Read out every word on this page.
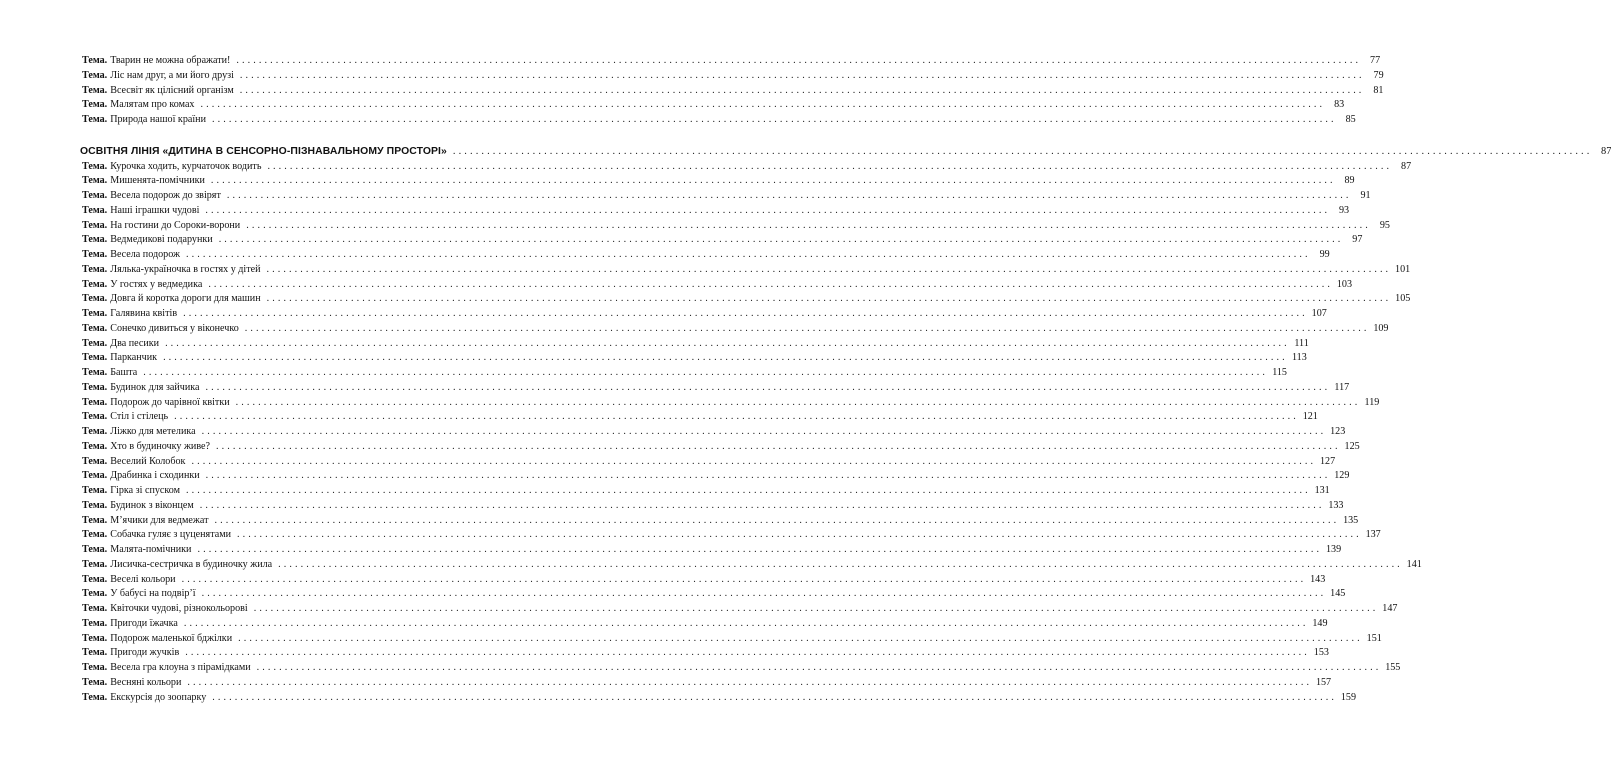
Тема. Тварин не можна ображати! ........................................................................................................................................................................................................ 77
Тема. Ліс нам друг, а ми його друзі ........................................................................................................................................................................................................ 79
Тема. Всесвіт як цілісний організм ........................................................................................................................................................................................................ 81
Тема. Малятам про комах ........................................................................................................................................................................................................ 83
Тема. Природа нашої країни ........................................................................................................................................................................................................ 85
ОСВІТНЯ ЛІНІЯ «ДИТИНА В СЕНСОРНО-ПІЗНАВАЛЬНОМУ ПРОСТОРІ» ........................................................................................................................................................................................................ 87
Тема. Курочка ходить, курчаточок водить ........................................................................................................................................................................................................ 87
Тема. Мишенята-помічники ........................................................................................................................................................................................................ 89
Тема. Весела подорож до звірят ........................................................................................................................................................................................................ 91
Тема. Наші іграшки чудові ........................................................................................................................................................................................................ 93
Тема. На гостини до Сороки-ворони ........................................................................................................................................................................................................ 95
Тема. Ведмедикові подарунки ........................................................................................................................................................................................................ 97
Тема. Весела подорож ........................................................................................................................................................................................................ 99
Тема. Лялька-україночка в гостях у дітей ........................................................................................................................................................................................................ 101
Тема. У гостях у ведмедика ........................................................................................................................................................................................................ 103
Тема. Довга й коротка дороги для машин ........................................................................................................................................................................................................ 105
Тема. Галявина квітів ........................................................................................................................................................................................................ 107
Тема. Сонечко дивиться у віконечко ........................................................................................................................................................................................................ 109
Тема. Два песики ........................................................................................................................................................................................................ 111
Тема. Парканчик ........................................................................................................................................................................................................ 113
Тема. Башта ........................................................................................................................................................................................................ 115
Тема. Будинок для зайчика ........................................................................................................................................................................................................ 117
Тема. Подорож до чарівної квітки ........................................................................................................................................................................................................ 119
Тема. Стіл і стілець ........................................................................................................................................................................................................ 121
Тема. Ліжко для метелика ........................................................................................................................................................................................................ 123
Тема. Хто в будиночку живе? ........................................................................................................................................................................................................ 125
Тема. Веселий Колобок ........................................................................................................................................................................................................ 127
Тема. Драбинка і сходинки ........................................................................................................................................................................................................ 129
Тема. Гірка зі спуском ........................................................................................................................................................................................................ 131
Тема. Будинок з віконцем ........................................................................................................................................................................................................ 133
Тема. М’ячики для ведмежат ........................................................................................................................................................................................................ 135
Тема. Собачка гуляє з цуценятами ........................................................................................................................................................................................................ 137
Тема. Малята-помічники ........................................................................................................................................................................................................ 139
Тема. Лисичка-сестричка в будиночку жила ........................................................................................................................................................................................................ 141
Тема. Веселі кольори ........................................................................................................................................................................................................ 143
Тема. У бабусі на подвір’ї ........................................................................................................................................................................................................ 145
Тема. Квіточки чудові, різнокольорові ........................................................................................................................................................................................................ 147
Тема. Пригоди їжачка ........................................................................................................................................................................................................ 149
Тема. Подорож маленької бджілки ........................................................................................................................................................................................................ 151
Тема. Пригоди жучків ........................................................................................................................................................................................................ 153
Тема. Весела гра клоуна з пірамідками ........................................................................................................................................................................................................ 155
Тема. Весняні кольори ........................................................................................................................................................................................................ 157
Тема. Екскурсія до зоопарку ........................................................................................................................................................................................................ 159
